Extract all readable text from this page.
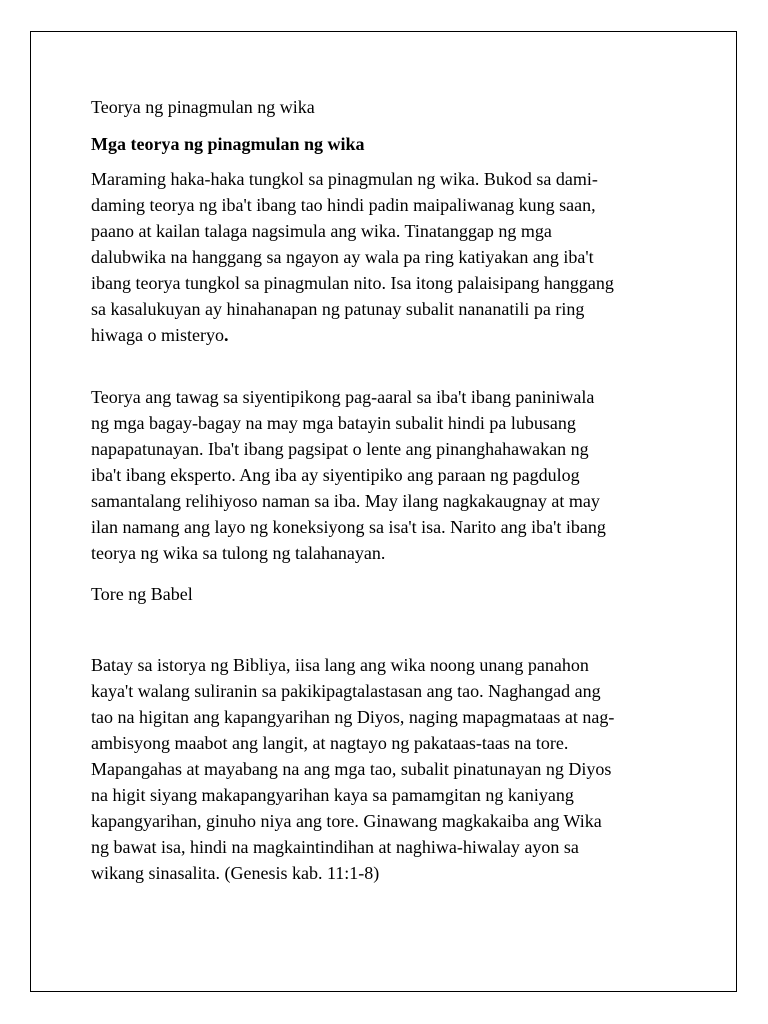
Teorya ng pinagmulan ng wika

Mga teorya ng pinagmulan ng wika

Maraming haka-haka tungkol sa pinagmulan ng wika. Bukod sa dami-
daming teorya ng iba't ibang tao hindi padin maipaliwanag kung saan,
paano at kailan talaga nagsimula ang wika. Tinatanggap ng mga
dalubwika na hanggang sa ngayon ay wala pa ring katiyakan ang iba't
ibang teorya tungkol sa pinagmulan nito. Isa itong palaisipang hanggang
sa kasalukuyan ay hinahanapan ng patunay subalit nananatili pa ring
hiwaga o misteryo.

Teorya ang tawag sa siyentipikong pag-aaral sa iba't ibang paniniwala
ng mga bagay-bagay na may mga batayin subalit hindi pa lubusang
napapatunayan. Iba't ibang pagsipat o lente ang pinanghahawakan ng
iba't ibang eksperto. Ang iba ay siyentipiko ang paraan ng pagdulog
samantalang relihiyoso naman sa iba. May ilang nagkakaugnay at may
ilan namang ang layo ng koneksiyong sa isa't isa. Narito ang iba't ibang
teorya ng wika sa tulong ng talahanayan.

Tore ng Babel

Batay sa istorya ng Bibliya, iisa lang ang wika noong unang panahon
kaya't walang suliranin sa pakikipagtalastasan ang tao. Naghangad ang
tao na higitan ang kapangyarihan ng Diyos, naging mapagmataas at nag-
ambisyong maabot ang langit, at nagtayo ng pakataas-taas na tore.
Mapangahas at mayabang na ang mga tao, subalit pinatunayan ng Diyos
na higit siyang makapangyarihan kaya sa pamamgitan ng kaniyang
kapangyarihan, ginuho niya ang tore. Ginawang magkakaiba ang Wika
ng bawat isa, hindi na magkaintindihan at naghiwa-hiwalay ayon sa
wikang sinasalita. (Genesis kab. 11:1-8)
